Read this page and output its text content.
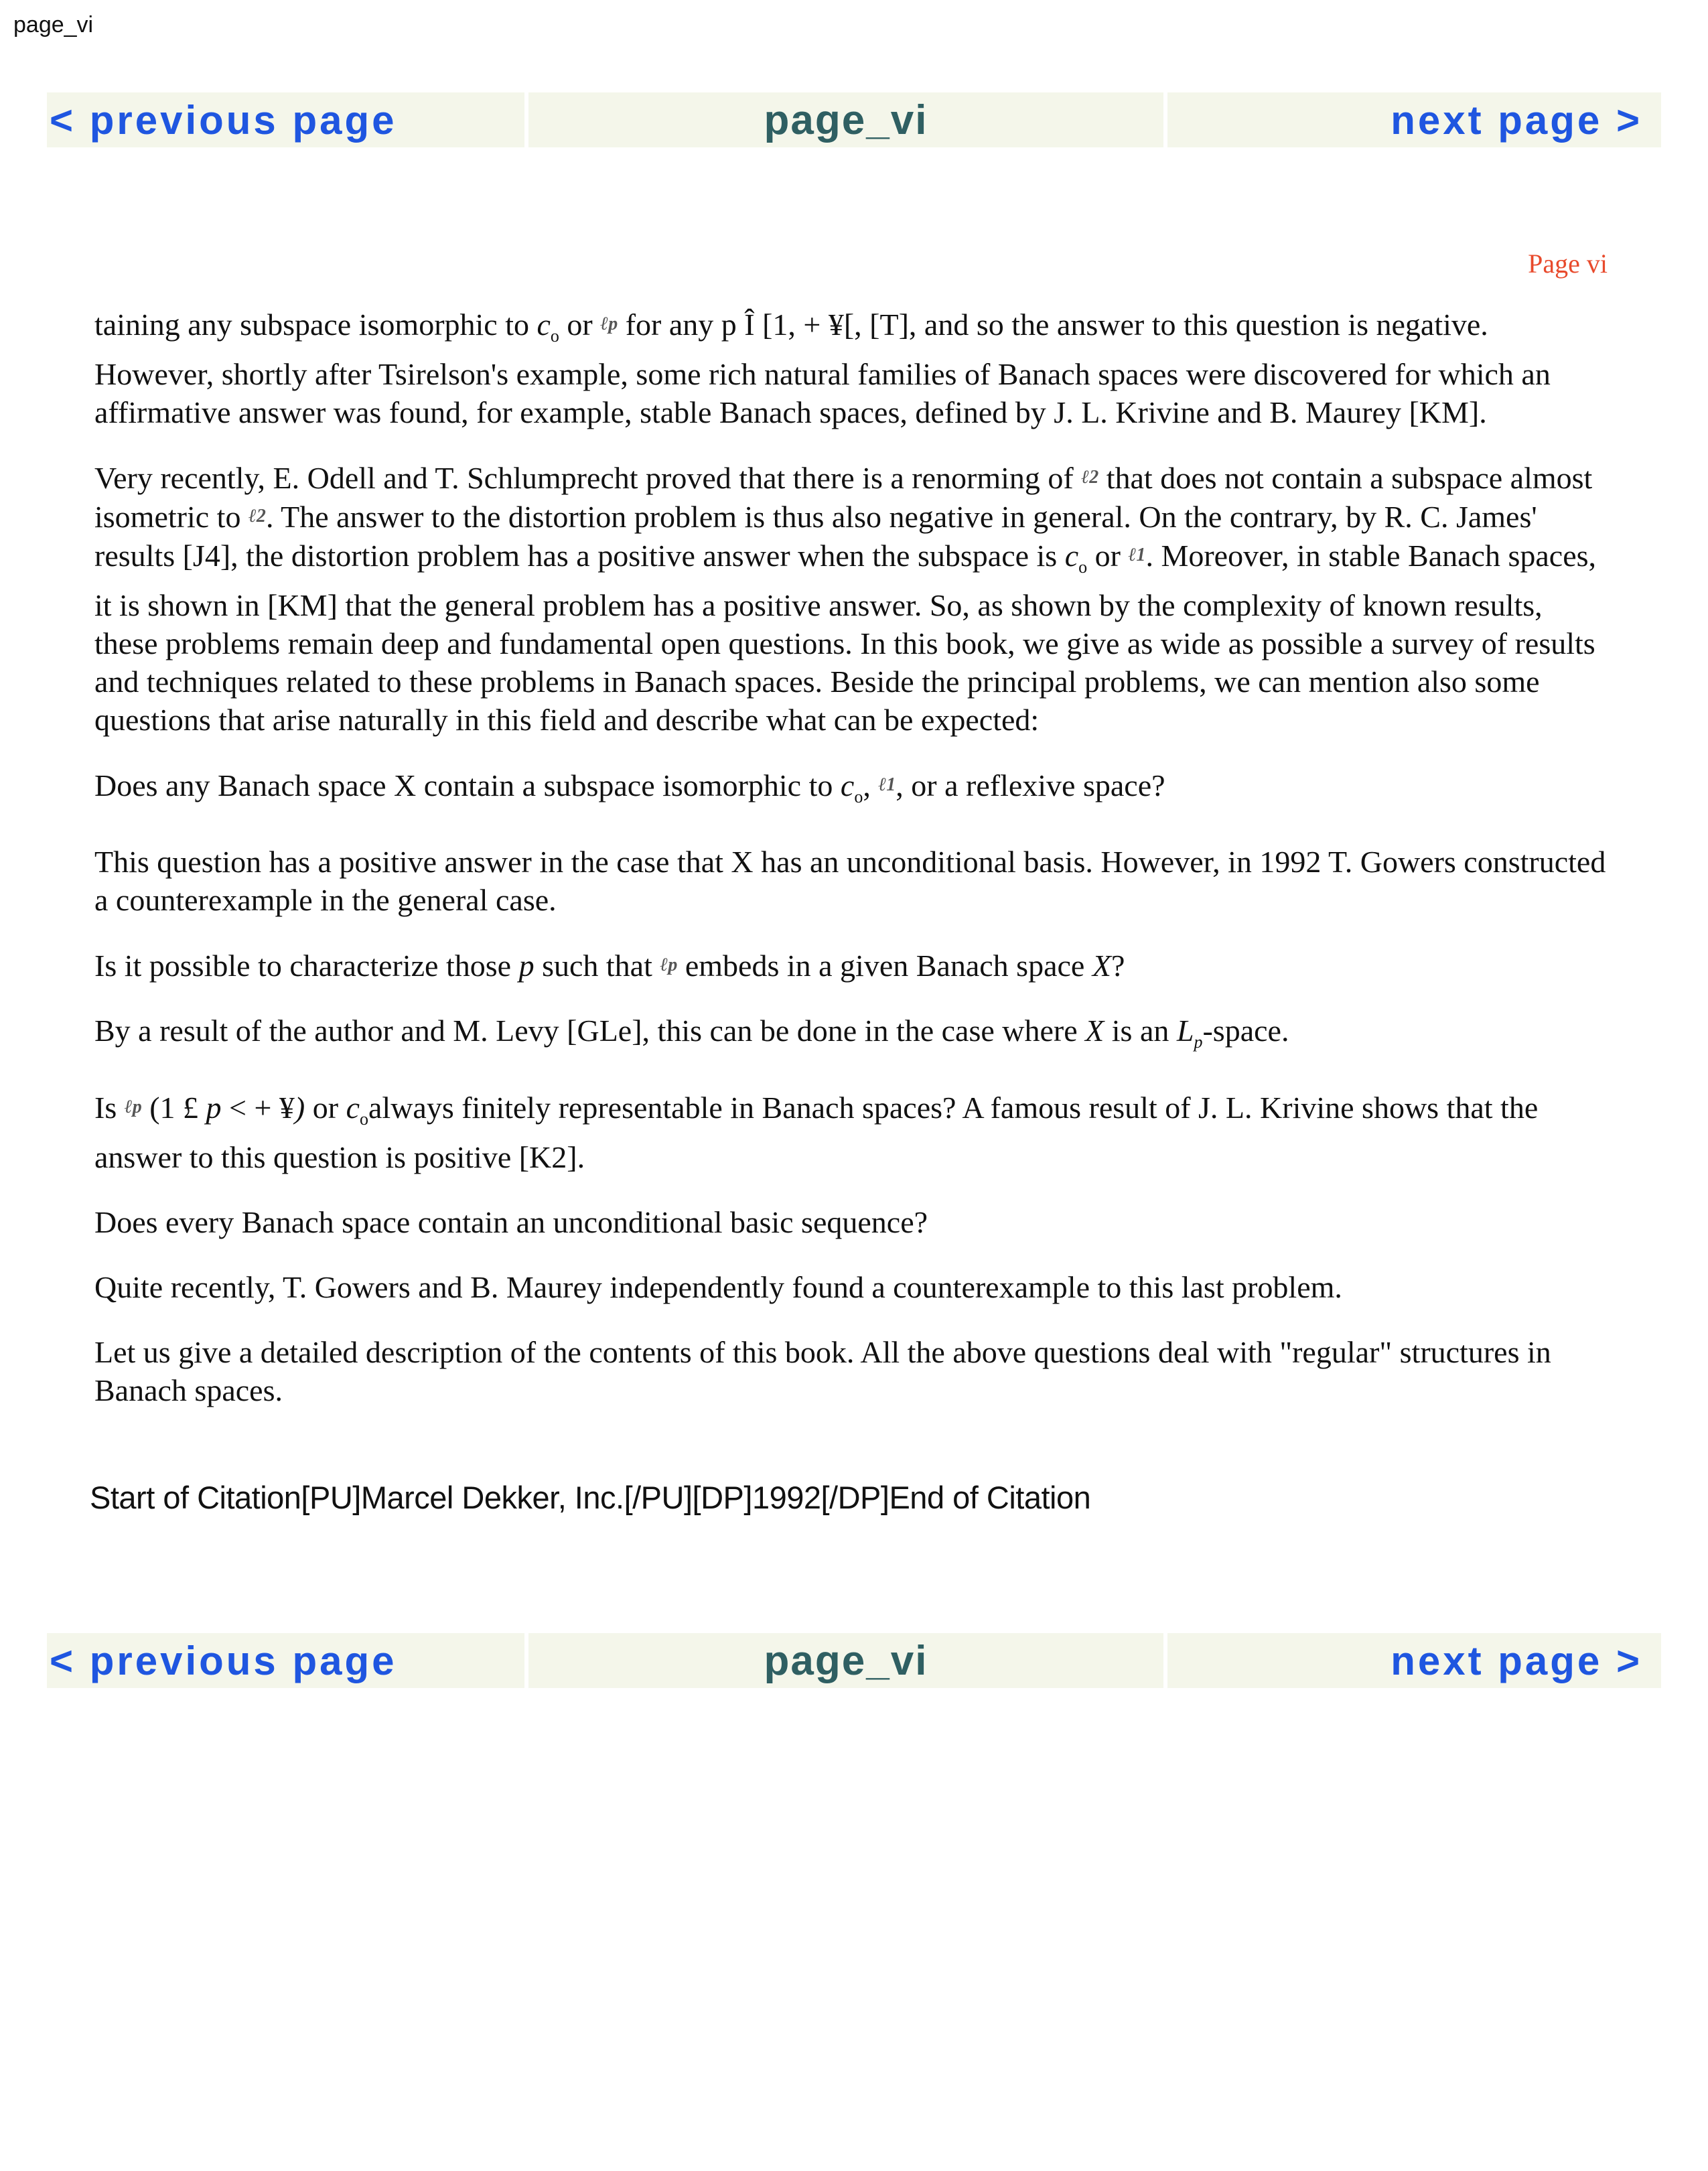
page_vi
< previous page	page_vi	next page >
Page vi

taining any subspace isomorphic to $c_o$ or ℓp for any p Î [1, + ¥[, [T], and so the answer to this question is negative. However, shortly after Tsirelson's example, some rich natural families of Banach spaces were discovered for which an affirmative answer was found, for example, stable Banach spaces, defined by J. L. Krivine and B. Maurey [KM].

Very recently, E. Odell and T. Schlumprecht proved that there is a renorming of ℓ2 that does not contain a subspace almost isometric to ℓ2. The answer to the distortion problem is thus also negative in general. On the contrary, by R. C. James' results [J4], the distortion problem has a positive answer when the subspace is $c_o$ or ℓ1. Moreover, in stable Banach spaces, it is shown in [KM] that the general problem has a positive answer. So, as shown by the complexity of known results, these problems remain deep and fundamental open questions. In this book, we give as wide as possible a survey of results and techniques related to these problems in Banach spaces. Beside the principal problems, we can mention also some questions that arise naturally in this field and describe what can be expected:

Does any Banach space X contain a subspace isomorphic to $c_o$, ℓ1, or a reflexive space?

This question has a positive answer in the case that X has an unconditional basis. However, in 1992 T. Gowers constructed a counterexample in the general case.

Is it possible to characterize those p such that ℓp embeds in a given Banach space X?

By a result of the author and M. Levy [GLe], this can be done in the case where X is an $L_p$-space.

Is ℓp (1 £ p < + ¥) or $c_oalways$ finitely representable in Banach spaces? A famous result of J. L. Krivine shows that the answer to this question is positive [K2].

Does every Banach space contain an unconditional basic sequence?

Quite recently, T. Gowers and B. Maurey independently found a counterexample to this last problem.

Let us give a detailed description of the contents of this book. All the above questions deal with "regular" structures in Banach spaces.

Start of Citation[PU]Marcel Dekker, Inc.[/PU][DP]1992[/DP]End of Citation
< previous page	page_vi	next page >
